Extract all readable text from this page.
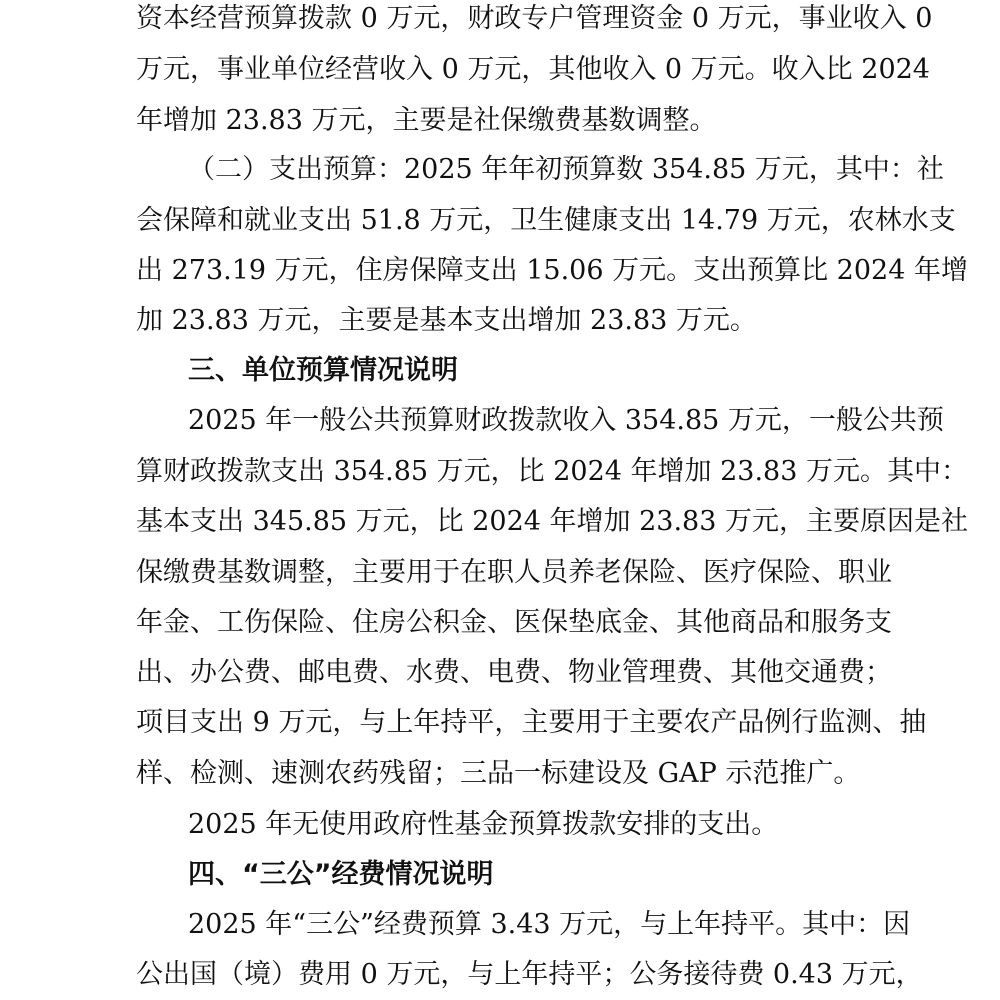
资本经营预算拨款 0 万元，财政专户管理资金 0 万元，事业收入 0
万元，事业单位经营收入 0 万元，其他收入 0 万元。收入比 2024
年增加 23.83 万元，主要是社保缴费基数调整。
（二）支出预算：2025 年年初预算数 354.85 万元，其中：社
会保障和就业支出 51.8 万元，卫生健康支出 14.79 万元，农林水支
出 273.19 万元，住房保障支出 15.06 万元。支出预算比 2024 年增
加 23.83 万元，主要是基本支出增加 23.83 万元。
三、单位预算情况说明
2025 年一般公共预算财政拨款收入 354.85 万元，一般公共预
算财政拨款支出 354.85 万元，比 2024 年增加 23.83 万元。其中：
基本支出 345.85 万元，比 2024 年增加 23.83 万元，主要原因是社
保缴费基数调整，主要用于在职人员养老保险、医疗保险、职业
年金、工伤保险、住房公积金、医保垫底金、其他商品和服务支
出、办公费、邮电费、水费、电费、物业管理费、其他交通费；
项目支出 9 万元，与上年持平，主要用于主要农产品例行监测、抽
样、检测、速测农药残留；三品一标建设及 GAP 示范推广。
2025 年无使用政府性基金预算拨款安排的支出。
四、“三公”经费情况说明
2025 年“三公”经费预算 3.43 万元，与上年持平。其中：因
公出国（境）费用 0 万元，与上年持平；公务接待费 0.43 万元，
